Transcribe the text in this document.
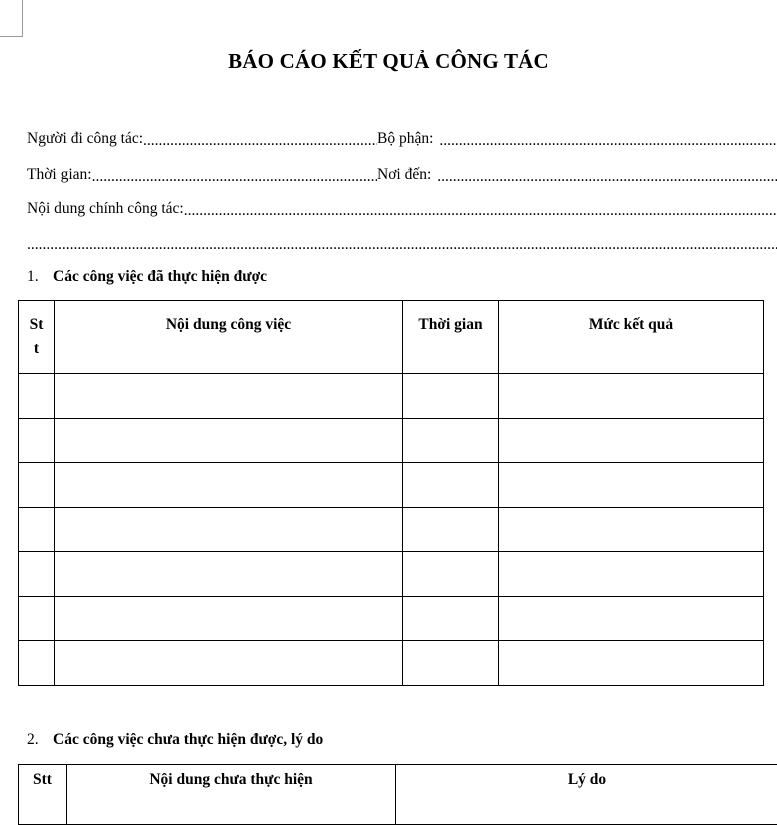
BÁO CÁO KẾT QUẢ CÔNG TÁC
Người đi công tác: .....	Bộ phận:
.....
Thời gian: .....	Nơi đến:
.....
Nội dung chính công tác:
.....
.....
1. Các công việc đã thực hiện được
St
t	Nội dung công việc	Thời gian	Mức kết quả

2. Các công việc chưa thực hiện được, lý do
Stt	Nội dung chưa thực hiện	Lý do
